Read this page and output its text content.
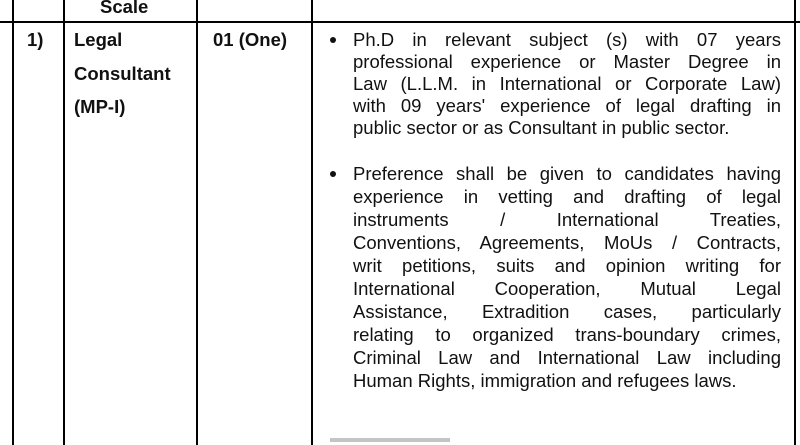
Scale
1) Legal
Consultant
(MP-I)
01 (One)	Ph.D in relevant subject (s) with 07 years
professional experience or Master Degree in
Law (L.L.M. in International or Corporate Law)
with 09 years' experience of legal drafting in
public sector or as Consultant in public sector.
Preference shall be given to candidates having
experience in vetting and drafting of legal
instruments / International Treaties,
Conventions, Agreements, MoUs / Contracts,
writ petitions, suits and opinion writing for
International Cooperation, Mutual Legal
Assistance, Extradition cases, particularly
relating to organized trans-boundary crimes,
Criminal Law and International Law including
Human Rights, immigration and refugees laws.
